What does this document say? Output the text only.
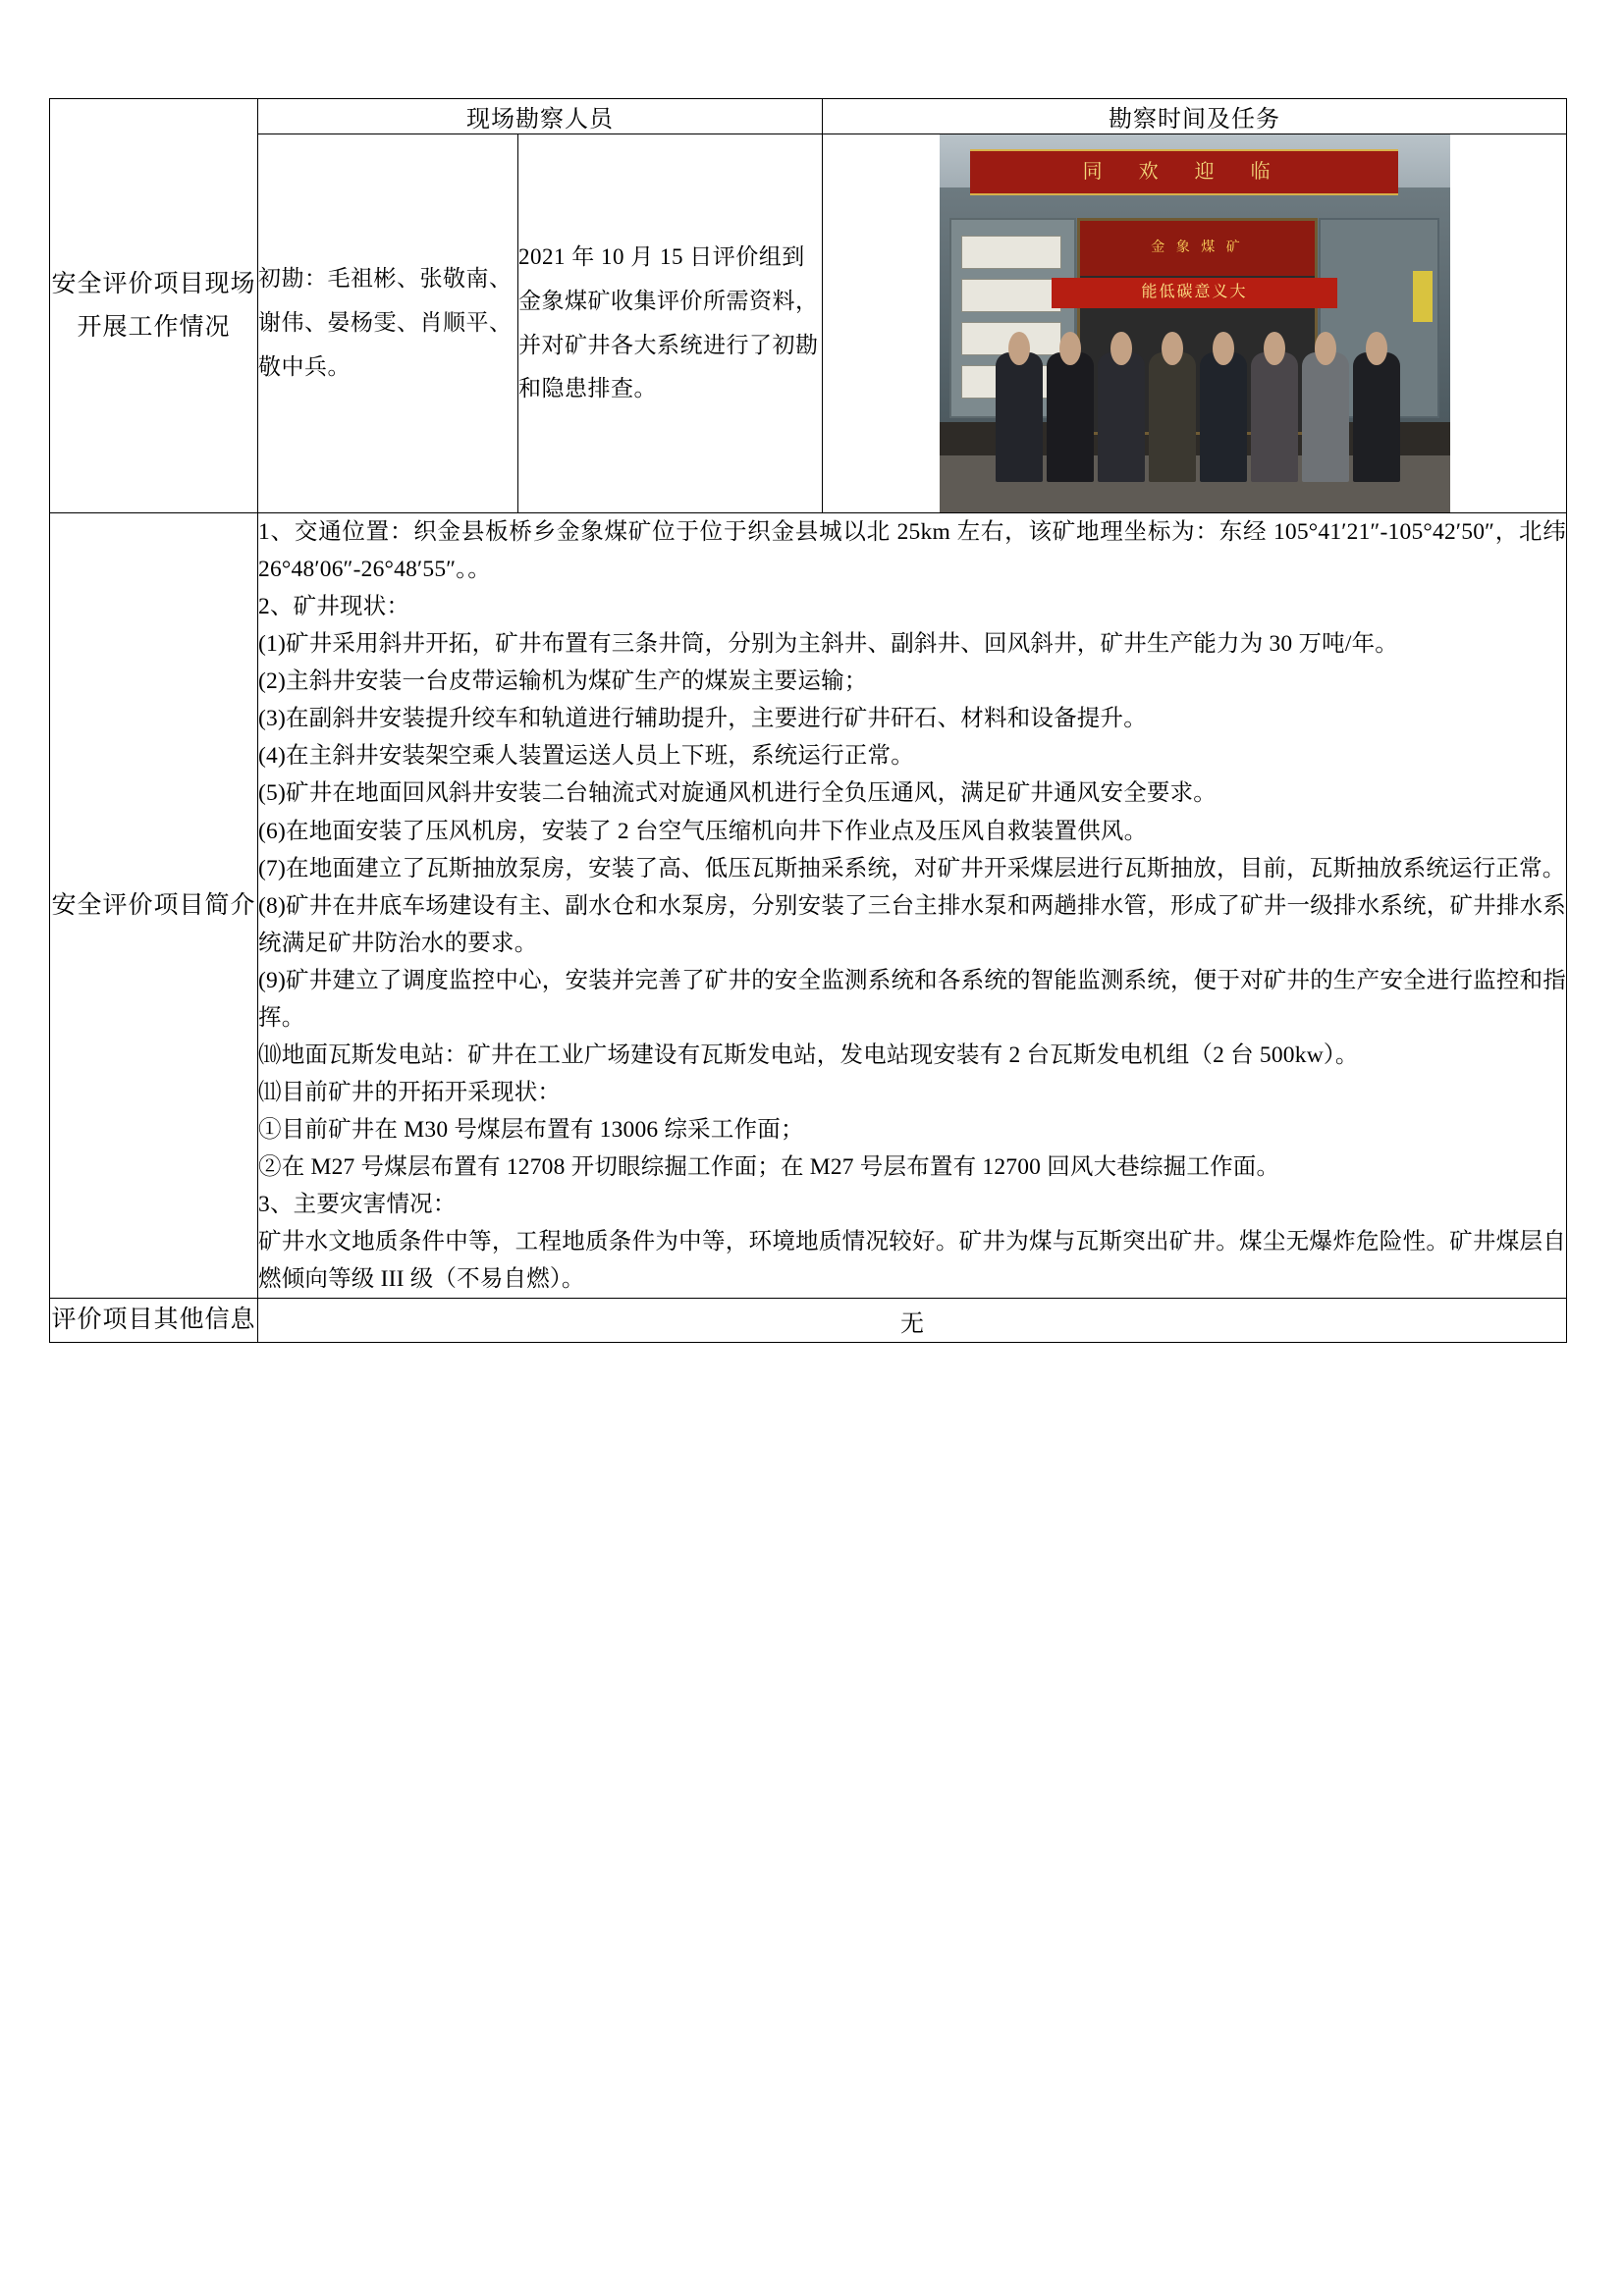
安全评价项目现场开展工作情况	现场勘察人员		勘察时间及任务
	初勘：毛祖彬、张敬南、谢伟、晏杨雯、肖顺平、敬中兵。	2021 年 10 月 15 日评价组到金象煤矿收集评价所需资料，并对矿井各大系统进行了初勘和隐患排查。	同 欢 迎 临
金 象 煤 矿
能低碳意义大

安全评价项目简介	

1、交通位置：织金县板桥乡金象煤矿位于位于织金县城以北 25km 左右，该矿地理坐标为：东经 105°41′21″-105°42′50″，北纬 26°48′06″-26°48′55″。。

2、矿井现状：

(1)矿井采用斜井开拓，矿井布置有三条井筒，分别为主斜井、副斜井、回风斜井，矿井生产能力为 30 万吨/年。

(2)主斜井安装一台皮带运输机为煤矿生产的煤炭主要运输；

(3)在副斜井安装提升绞车和轨道进行辅助提升，主要进行矿井矸石、材料和设备提升。

(4)在主斜井安装架空乘人装置运送人员上下班，系统运行正常。

(5)矿井在地面回风斜井安装二台轴流式对旋通风机进行全负压通风，满足矿井通风安全要求。

(6)在地面安装了压风机房，安装了 2 台空气压缩机向井下作业点及压风自救装置供风。

(7)在地面建立了瓦斯抽放泵房，安装了高、低压瓦斯抽采系统，对矿井开采煤层进行瓦斯抽放，目前，瓦斯抽放系统运行正常。

(8)矿井在井底车场建设有主、副水仓和水泵房，分别安装了三台主排水泵和两趟排水管，形成了矿井一级排水系统，矿井排水系统满足矿井防治水的要求。

(9)矿井建立了调度监控中心，安装并完善了矿井的安全监测系统和各系统的智能监测系统，便于对矿井的生产安全进行监控和指挥。

⑽地面瓦斯发电站：矿井在工业广场建设有瓦斯发电站，发电站现安装有 2 台瓦斯发电机组（2 台 500kw）。

⑾目前矿井的开拓开采现状：

①目前矿井在 M30 号煤层布置有 13006 综采工作面；

②在 M27 号煤层布置有 12708 开切眼综掘工作面；在 M27 号层布置有 12700 回风大巷综掘工作面。

3、主要灾害情况：

矿井水文地质条件中等，工程地质条件为中等，环境地质情况较好。矿井为煤与瓦斯突出矿井。煤尘无爆炸危险性。矿井煤层自燃倾向等级 III 级（不易自燃）。

评价项目其他信息	无		
